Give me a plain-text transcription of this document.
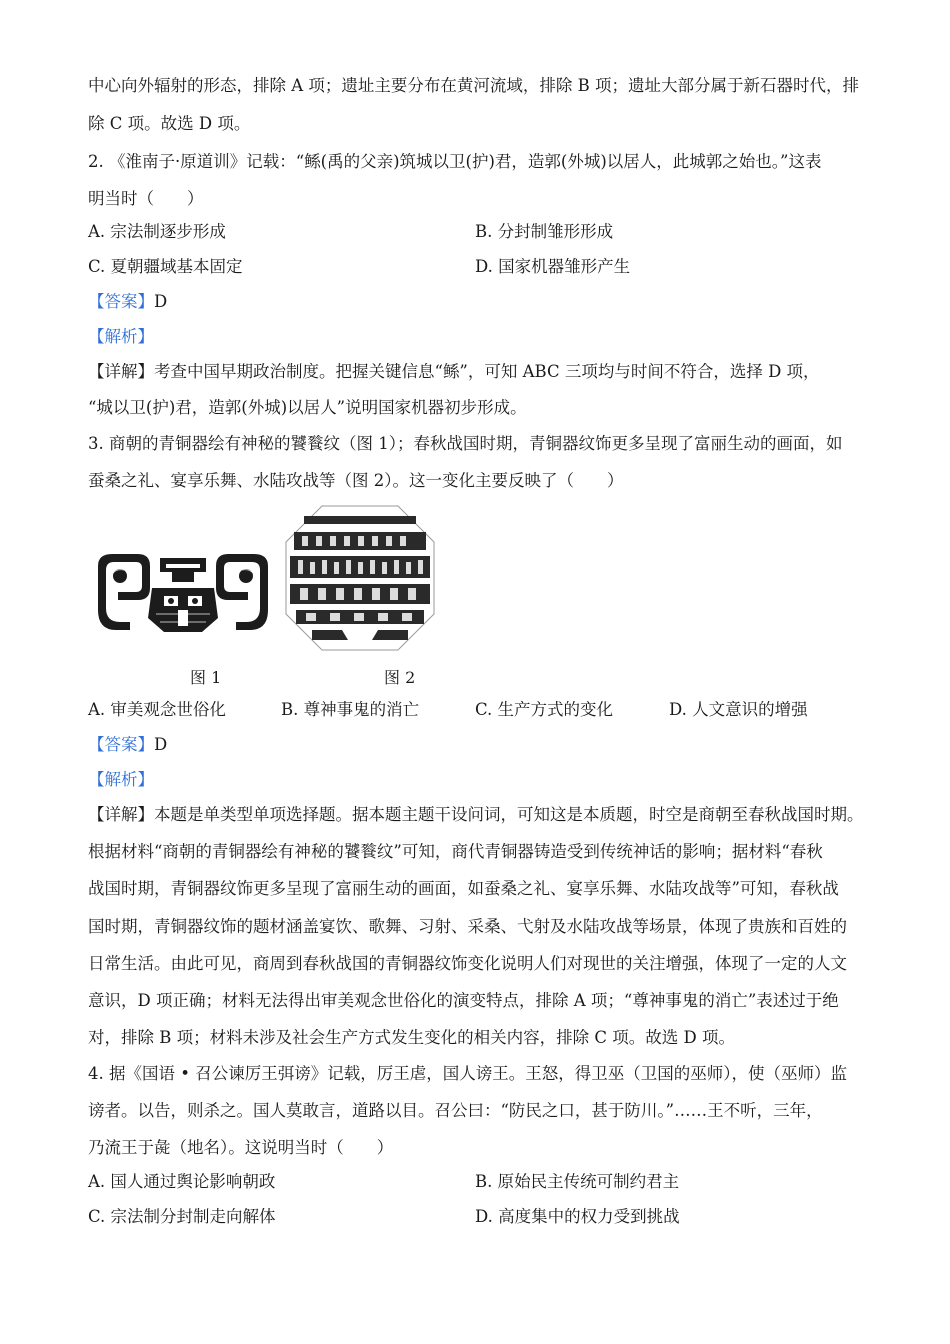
中心向外辐射的形态，排除 A 项；遗址主要分布在黄河流域，排除 B 项；遗址大部分属于新石器时代，排
除 C 项。故选 D 项。
2. 《淮南子·原道训》记载：“鲧(禹的父亲)筑城以卫(护)君，造郭(外城)以居人，此城郭之始也。”这表
明当时（　　）
A. 宗法制逐步形成	B. 分封制雏形形成
C. 夏朝疆域基本固定	D. 国家机器雏形产生
【答案】D
【解析】
【详解】考查中国早期政治制度。把握关键信息“鲧”，可知 ABC 三项均与时间不符合，选择 D 项，
“城以卫(护)君，造郭(外城)以居人”说明国家机器初步形成。
3. 商朝的青铜器绘有神秘的饕餮纹（图 1）；春秋战国时期，青铜器纹饰更多呈现了富丽生动的画面，如
蚕桑之礼、宴享乐舞、水陆攻战等（图 2）。这一变化主要反映了（　　）
图 1	图 2
A. 审美观念世俗化	B. 尊神事鬼的消亡	C. 生产方式的变化	D. 人文意识的增强
【答案】D
【解析】
【详解】本题是单类型单项选择题。据本题主题干设问词，可知这是本质题，时空是商朝至春秋战国时期。
根据材料“商朝的青铜器绘有神秘的饕餮纹”可知，商代青铜器铸造受到传统神话的影响；据材料“春秋
战国时期，青铜器纹饰更多呈现了富丽生动的画面，如蚕桑之礼、宴享乐舞、水陆攻战等”可知，春秋战
国时期，青铜器纹饰的题材涵盖宴饮、歌舞、习射、采桑、弋射及水陆攻战等场景，体现了贵族和百姓的
日常生活。由此可见，商周到春秋战国的青铜器纹饰变化说明人们对现世的关注增强，体现了一定的人文
意识，D 项正确；材料无法得出审美观念世俗化的演变特点，排除 A 项；“尊神事鬼的消亡”表述过于绝
对，排除 B 项；材料未涉及社会生产方式发生变化的相关内容，排除 C 项。故选 D 项。
4. 据《国语 • 召公谏厉王弭谤》记载，厉王虐，国人谤王。王怒，得卫巫（卫国的巫师），使（巫师）监
谤者。以告，则杀之。国人莫敢言，道路以目。召公曰：“防民之口，甚于防川。”……王不听，三年，
乃流王于彘（地名）。这说明当时（　　）
A. 国人通过舆论影响朝政	B. 原始民主传统可制约君主
C. 宗法制分封制走向解体	D. 高度集中的权力受到挑战
